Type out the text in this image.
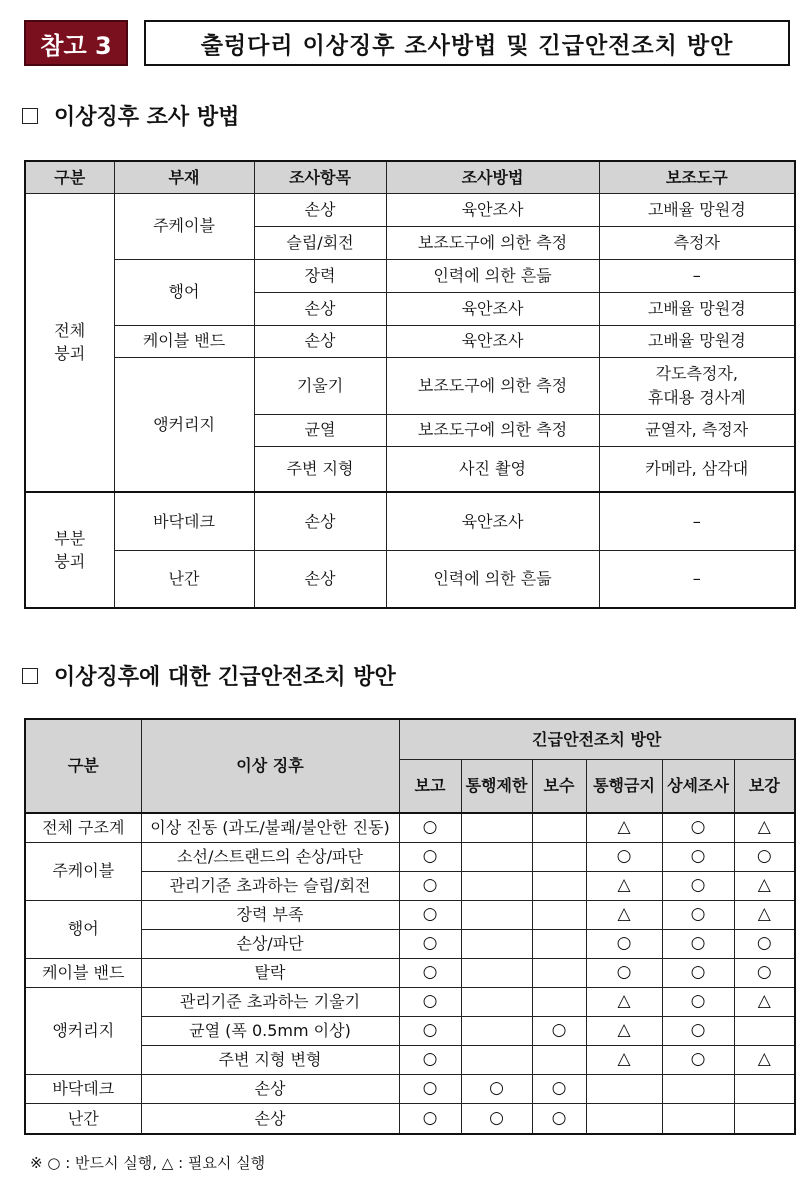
참고 3	출렁다리 이상징후 조사방법 및 긴급안전조치 방안
이상징후 조사 방법
구분	부재	조사항목	조사방법	보조도구
전체
붕괴	주케이블	손상	육안조사	고배율 망원경
		슬립/회전	보조도구에 의한 측정	측정자
	행어	장력	인력에 의한 흔듦	–
		손상	육안조사	고배율 망원경
	케이블 밴드	손상	육안조사	고배율 망원경
	앵커리지	기울기	보조도구에 의한 측정	각도측정자,
휴대용 경사계
		균열	보조도구에 의한 측정	균열자, 측정자
		주변 지형	사진 촬영	카메라, 삼각대
부분
붕괴	바닥데크	손상	육안조사	–
	난간	손상	인력에 의한 흔듦	–
이상징후에 대한 긴급안전조치 방안
구분	이상 징후	긴급안전조치 방안					
		보고	통행제한	보수	통행금지	상세조사	보강
전체 구조계	이상 진동 (과도/불쾌/불안한 진동)	○			△	○	△
주케이블	소선/스트랜드의 손상/파단	○			○	○	○
	관리기준 초과하는 슬립/회전	○			△	○	△
행어	장력 부족	○			△	○	△
	손상/파단	○			○	○	○
케이블 밴드	탈락	○			○	○	○
앵커리지	관리기준 초과하는 기울기	○			△	○	△
	균열 (폭 0.5mm 이상)	○		○	△	○	
	주변 지형 변형	○			△	○	△
바닥데크	손상	○	○	○			
난간	손상	○	○	○			
※ ○ : 반드시 실행, △ : 필요시 실행
